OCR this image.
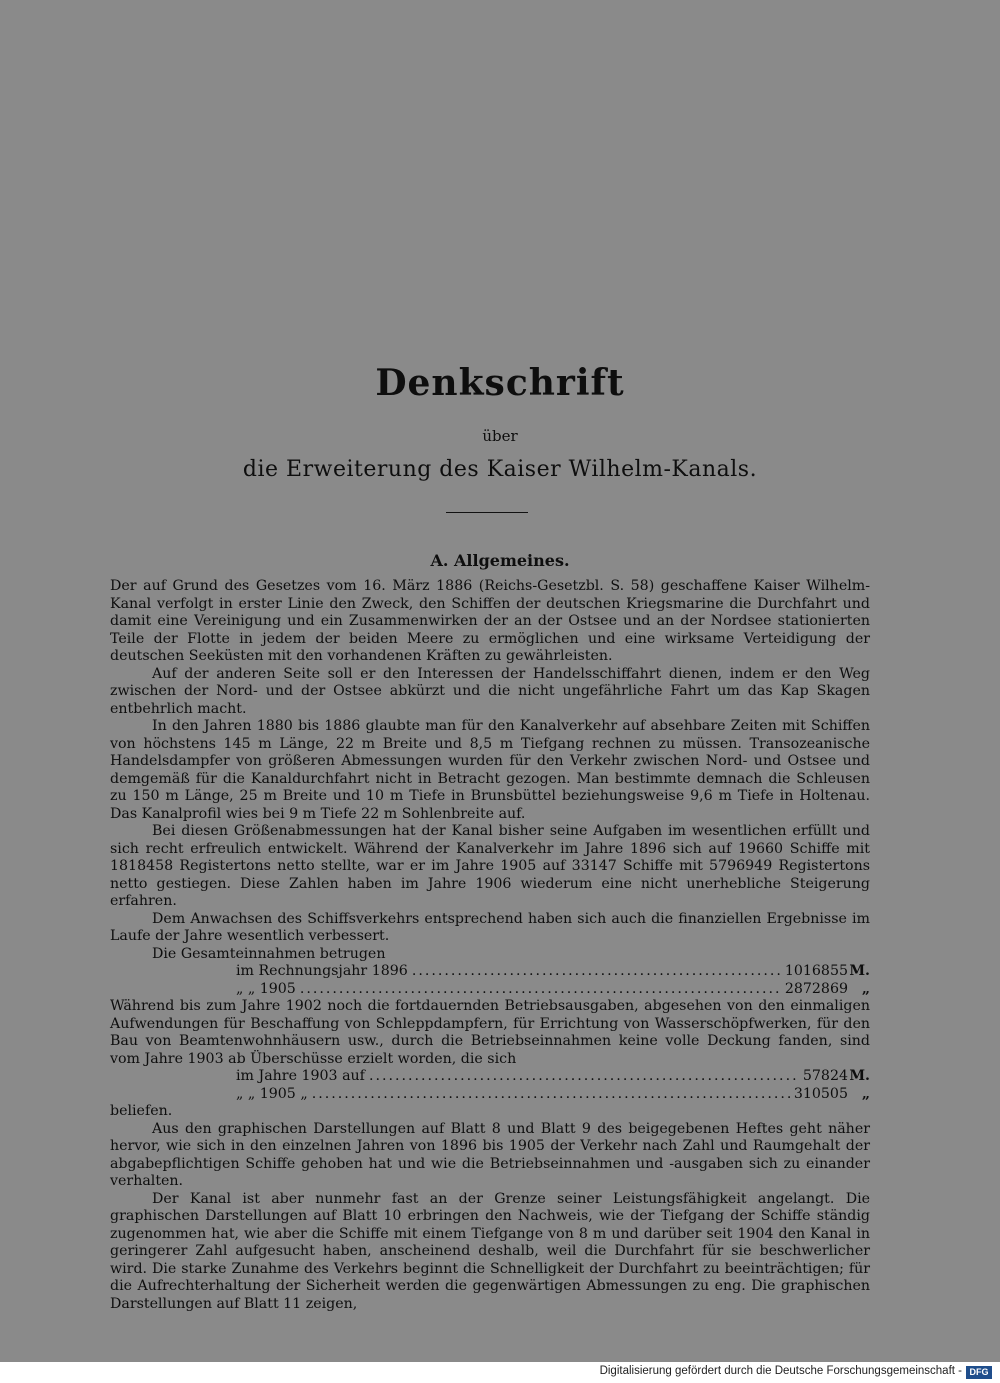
Denkschrift
über
die Erweiterung des Kaiser Wilhelm-Kanals.
A. Allgemeines.

Der auf Grund des Gesetzes vom 16. März 1886 (Reichs-Gesetzbl. S. 58) geschaffene Kaiser Wilhelm-Kanal verfolgt in erster Linie den Zweck, den Schiffen der deutschen Kriegsmarine die Durchfahrt und damit eine Vereinigung und ein Zusammenwirken der an der Ostsee und an der Nordsee stationierten Teile der Flotte in jedem der beiden Meere zu ermöglichen und eine wirksame Verteidigung der deutschen Seeküsten mit den vorhandenen Kräften zu gewährleisten.

Auf der anderen Seite soll er den Interessen der Handelsschiffahrt dienen, indem er den Weg zwischen der Nord- und der Ostsee abkürzt und die nicht ungefährliche Fahrt um das Kap Skagen entbehrlich macht.

In den Jahren 1880 bis 1886 glaubte man für den Kanalverkehr auf absehbare Zeiten mit Schiffen von höchstens 145 m Länge, 22 m Breite und 8,5 m Tiefgang rechnen zu müssen. Transozeanische Handelsdampfer von größeren Abmessungen wurden für den Verkehr zwischen Nord- und Ostsee und demgemäß für die Kanaldurchfahrt nicht in Betracht gezogen. Man bestimmte demnach die Schleusen zu 150 m Länge, 25 m Breite und 10 m Tiefe in Brunsbüttel beziehungsweise 9,6 m Tiefe in Holtenau. Das Kanalprofil wies bei 9 m Tiefe 22 m Sohlenbreite auf.

Bei diesen Größenabmessungen hat der Kanal bisher seine Aufgaben im wesentlichen erfüllt und sich recht erfreulich entwickelt. Während der Kanalverkehr im Jahre 1896 sich auf 19660 Schiffe mit 1818458 Registertons netto stellte, war er im Jahre 1905 auf 33147 Schiffe mit 5796949 Registertons netto gestiegen. Diese Zahlen haben im Jahre 1906 wiederum eine nicht unerhebliche Steigerung erfahren.

Dem Anwachsen des Schiffsverkehrs entsprechend haben sich auch die finanziellen Ergebnisse im Laufe der Jahre wesentlich verbessert.

Die Gesamteinnahmen betrugen

im Rechnungsjahr 1896 .....	1016855 M.
„ „ 1905 .....	2872869 „

Während bis zum Jahre 1902 noch die fortdauernden Betriebsausgaben, abgesehen von den einmaligen Aufwendungen für Beschaffung von Schleppdampfern, für Errichtung von Wasserschöpfwerken, für den Bau von Beamtenwohnhäusern usw., durch die Betriebseinnahmen keine volle Deckung fanden, sind vom Jahre 1903 ab Überschüsse erzielt worden, die sich

im Jahre 1903 auf .....	57824 M.
„ „ 1905 „ .....	310505 „

beliefen.

Aus den graphischen Darstellungen auf Blatt 8 und Blatt 9 des beigegebenen Heftes geht näher hervor, wie sich in den einzelnen Jahren von 1896 bis 1905 der Verkehr nach Zahl und Raumgehalt der abgabepflichtigen Schiffe gehoben hat und wie die Betriebseinnahmen und -ausgaben sich zu einander verhalten.

Der Kanal ist aber nunmehr fast an der Grenze seiner Leistungsfähigkeit angelangt. Die graphischen Darstellungen auf Blatt 10 erbringen den Nachweis, wie der Tiefgang der Schiffe ständig zugenommen hat, wie aber die Schiffe mit einem Tiefgange von 8 m und darüber seit 1904 den Kanal in geringerer Zahl aufgesucht haben, anscheinend deshalb, weil die Durchfahrt für sie beschwerlicher wird. Die starke Zunahme des Verkehrs beginnt die Schnelligkeit der Durchfahrt zu beeinträchtigen; für die Aufrechterhaltung der Sicherheit werden die gegenwärtigen Abmessungen zu eng. Die graphischen Darstellungen auf Blatt 11 zeigen,

Digitalisierung gefördert durch die Deutsche Forschungsgemeinschaft - DFG
